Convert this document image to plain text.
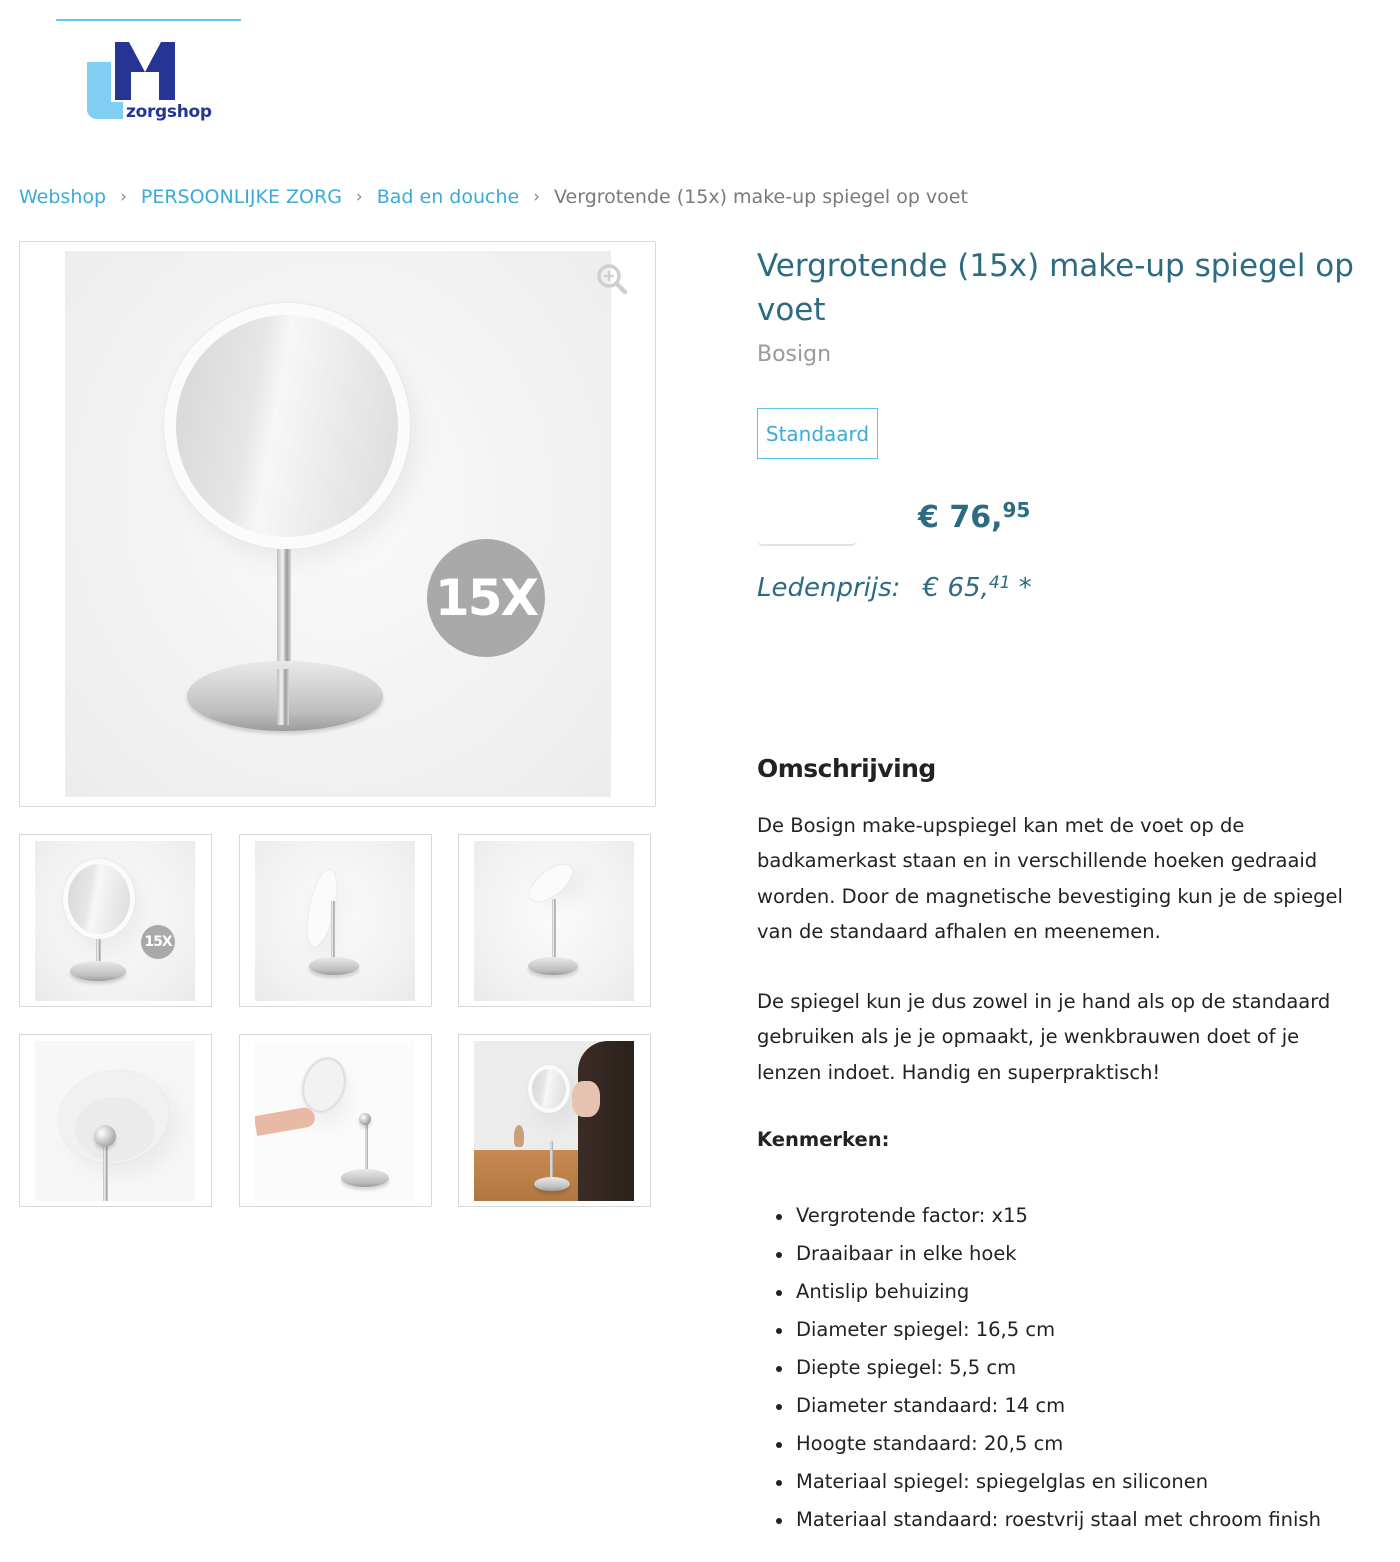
zorgshop
Webshop › PERSOONLIJKE ZORG › Bad en douche › Vergrotende (15x) make-up spiegel op voet
15X
15X
Vergrotende (15x) make-up spiegel op voet
Bosign
Standaard
€ 76,95
Ledenprijs: € 65,41 *
Omschrijving

De Bosign make-upspiegel kan met de voet op de badkamerkast staan en in verschillende hoeken gedraaid worden. Door de magnetische bevestiging kun je de spiegel van de standaard afhalen en meenemen.

De spiegel kun je dus zowel in je hand als op de standaard gebruiken als je je opmaakt, je wenkbrauwen doet of je lenzen indoet. Handig en superpraktisch!

Kenmerken:
Vergrotende factor: x15
Draaibaar in elke hoek
Antislip behuizing
Diameter spiegel: 16,5 cm
Diepte spiegel: 5,5 cm
Diameter standaard: 14 cm
Hoogte standaard: 20,5 cm
Materiaal spiegel: spiegelglas en siliconen
Materiaal standaard: roestvrij staal met chroom finish
